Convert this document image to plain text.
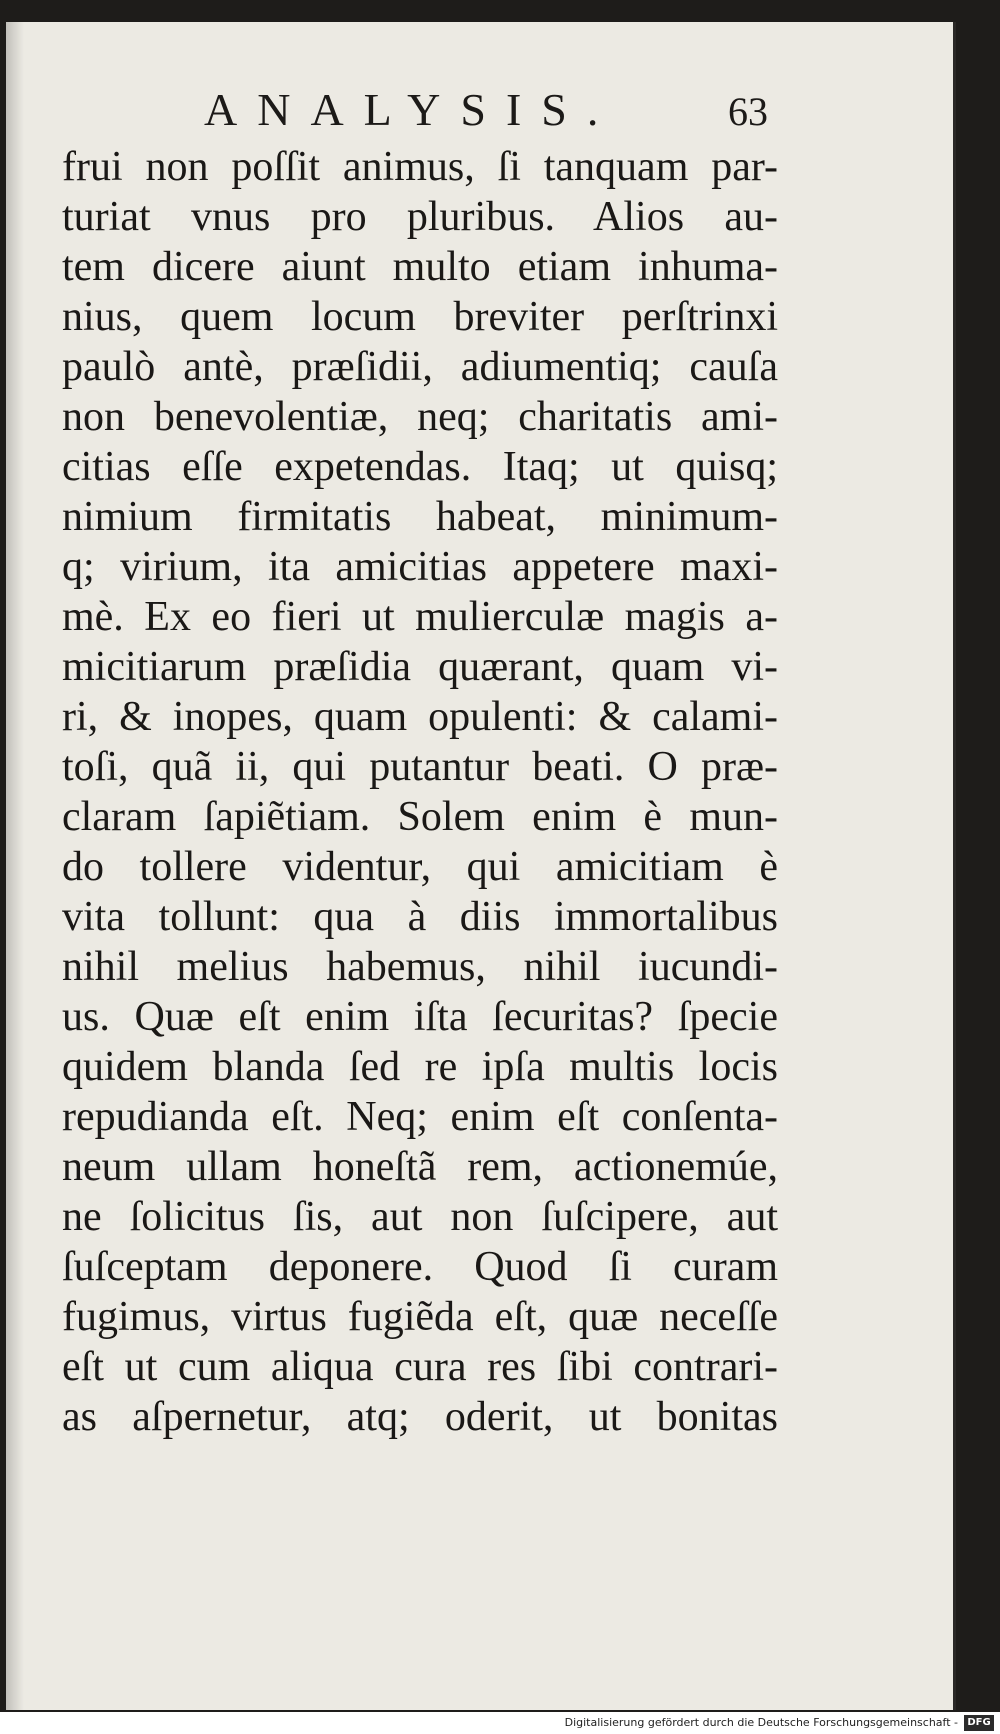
ANALYSIS.	63
frui non poſſit animus, ſi tanquam par-
turiat vnus pro pluribus. Alios au-
tem dicere aiunt multo etiam inhuma-
nius, quem locum breviter perſtrinxi
paulò antè, præſidii, adiumentiq; cauſa
non benevolentiæ, neq; charitatis ami-
citias eſſe expetendas. Itaq; ut quisq;
nimium firmitatis habeat, minimum-
q; virium, ita amicitias appetere maxi-
mè. Ex eo fieri ut mulierculæ magis a-
micitiarum præſidia quærant, quam vi-
ri, & inopes, quam opulenti: & calami-
toſi, quã ii, qui putantur beati. O præ-
claram ſapiẽtiam. Solem enim è mun-
do tollere videntur, qui amicitiam è
vita tollunt: qua à diis immortalibus
nihil melius habemus, nihil iucundi-
us. Quæ eſt enim iſta ſecuritas? ſpecie
quidem blanda ſed re ipſa multis locis
repudianda eſt. Neq; enim eſt conſenta-
neum ullam honeſtã rem, actionemúe,
ne ſolicitus ſis, aut non ſuſcipere, aut
ſuſceptam deponere. Quod ſi curam
fugimus, virtus fugiẽda eſt, quæ neceſſe
eſt ut cum aliqua cura res ſibi contrari-
as aſpernetur, atq; oderit, ut bonitas
Digitalisierung gefördert durch die Deutsche Forschungsgemeinschaft - DFG
